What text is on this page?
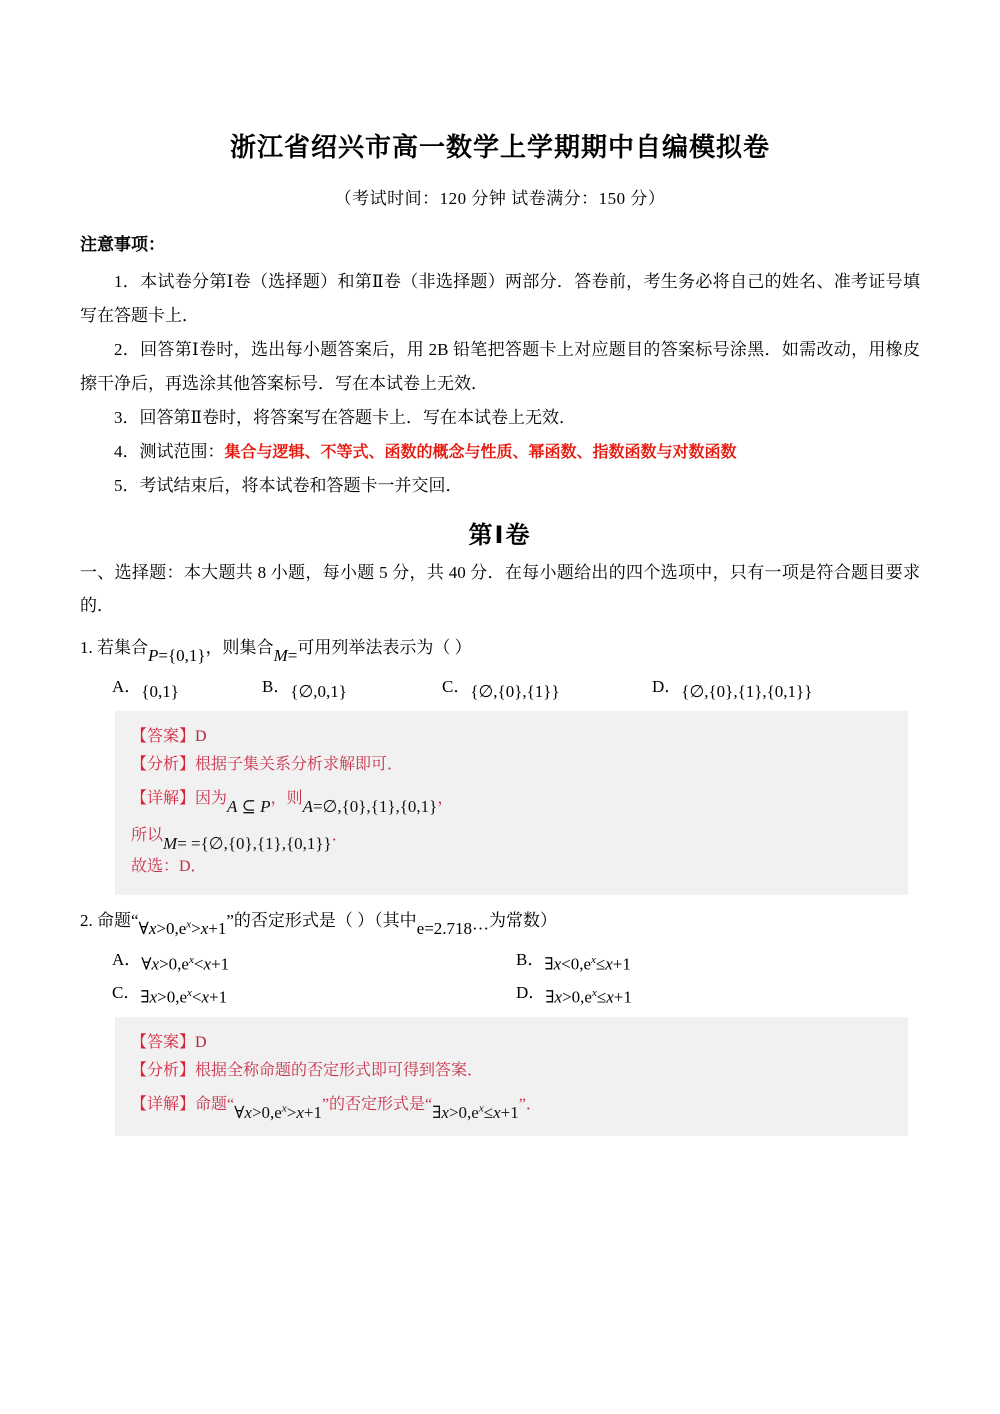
浙江省绍兴市高一数学上学期期中自编模拟卷
（考试时间：120 分钟 试卷满分：150 分）
注意事项：
1．本试卷分第Ⅰ卷（选择题）和第Ⅱ卷（非选择题）两部分．答卷前，考生务必将自己的姓名、准考证号填写在答题卡上．
2．回答第Ⅰ卷时，选出每小题答案后，用 2B 铅笔把答题卡上对应题目的答案标号涂黑．如需改动，用橡皮擦干净后，再选涂其他答案标号．写在本试卷上无效．
3．回答第Ⅱ卷时，将答案写在答题卡上．写在本试卷上无效．
4．测试范围：集合与逻辑、不等式、函数的概念与性质、幂函数、指数函数与对数函数
5．考试结束后，将本试卷和答题卡一并交回．
第Ⅰ卷
一、选择题：本大题共 8 小题，每小题 5 分，共 40 分．在每小题给出的四个选项中，只有一项是符合题目要求的．
1. 若集合P={0,1}，则集合M=可用列举法表示为（ ）
A．{0,1}	B．{∅,0,1}	C．{∅,{0},{1}}	D．{∅,{0},{1},{0,1}}
【答案】D
【分析】根据子集关系分析求解即可．
【详解】因为A ⊆ P，则A=∅,{0},{1},{0,1}，
所以M= ={∅,{0},{1},{0,1}}．
故选：D．
2. 命题“$\forall x>0,e^x>x+1$”的否定形式是（ ）（其中e=2.718···为常数）
A．$\forall x>0,e^x<x+1$	B．$\exists x<0,e^x\le x+1$
C．$\exists x>0,e^x<x+1$	D．$\exists x>0,e^x\le x+1$
【答案】D
【分析】根据全称命题的否定形式即可得到答案．
【详解】命题“$\forall x>0,e^x>x+1$”的否定形式是“$\exists x>0,e^x\le x+1$”．
